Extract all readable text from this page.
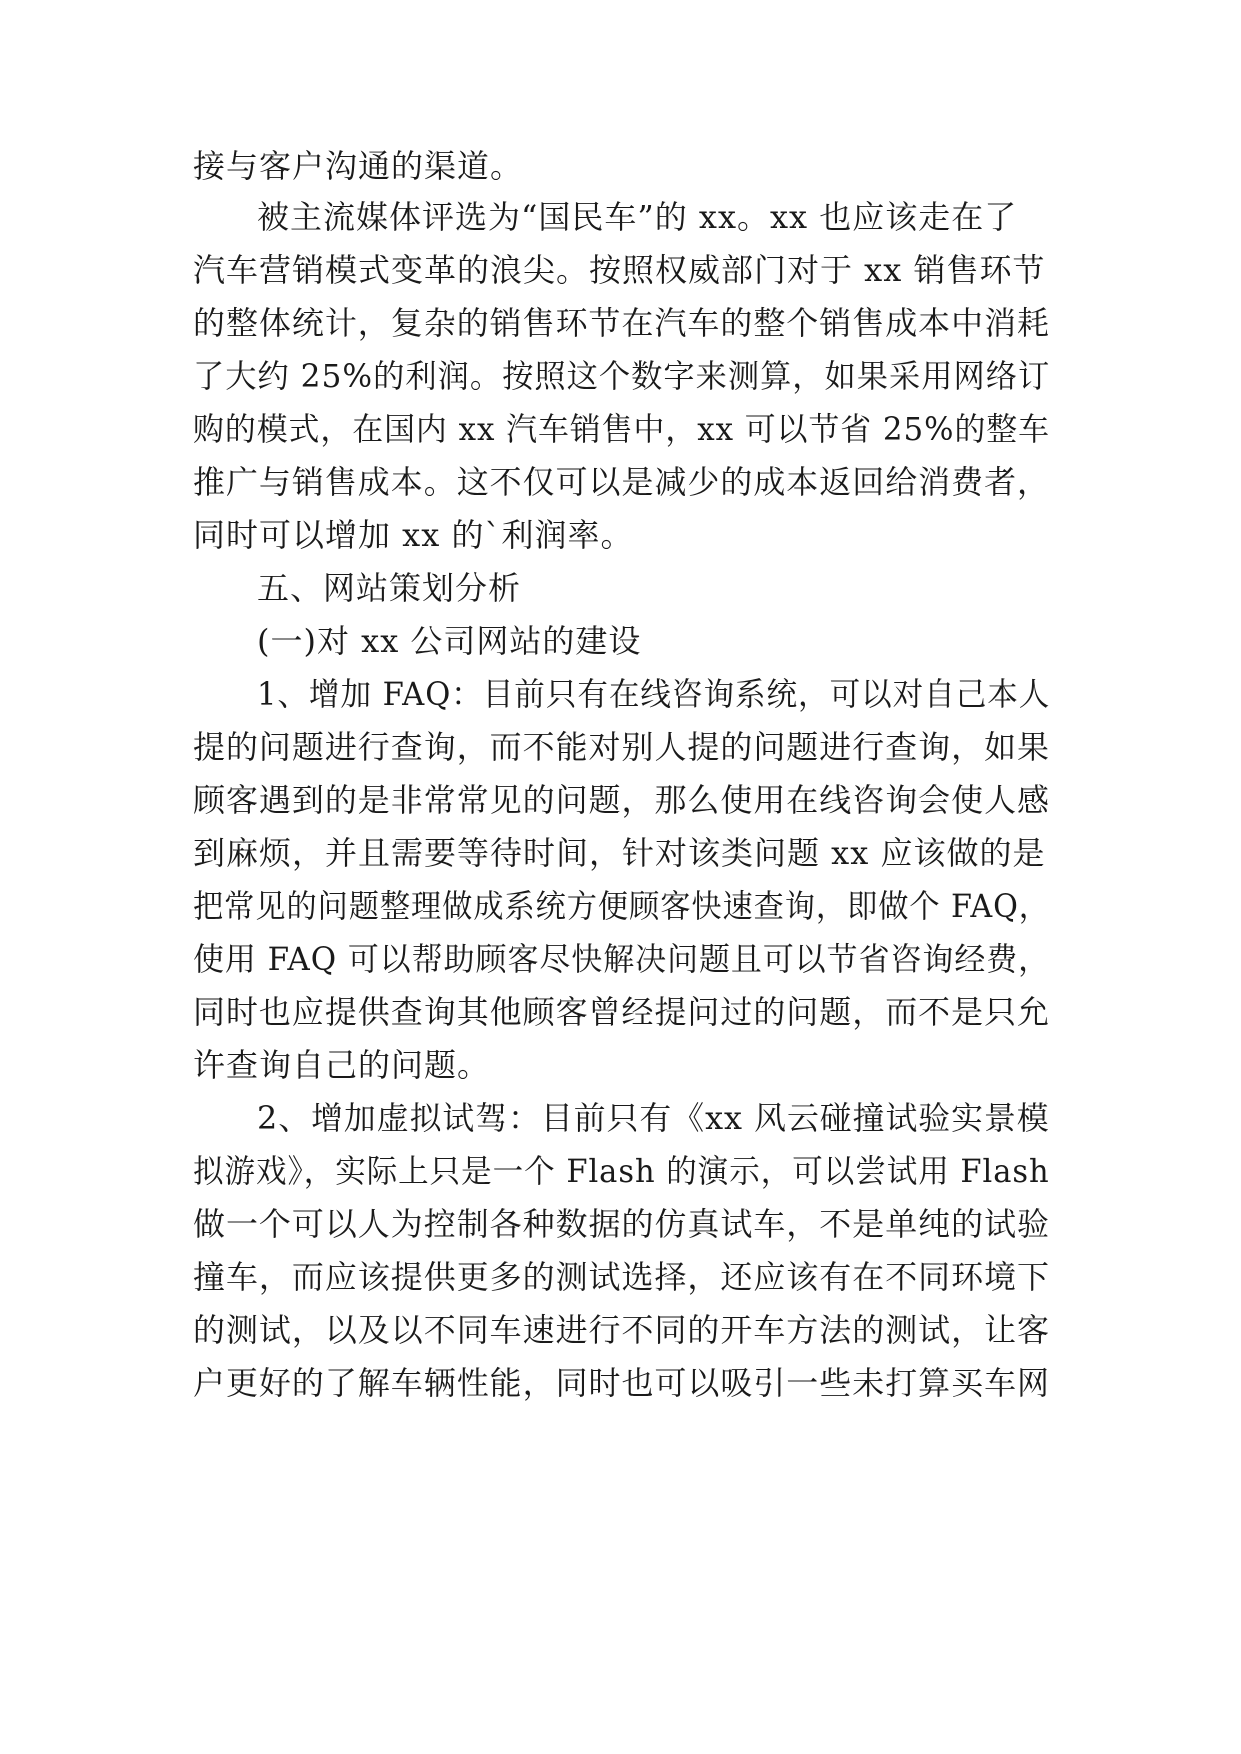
接与客户沟通的渠道。
被主流媒体评选为“国民车”的 xx。xx 也应该走在了
汽车营销模式变革的浪尖。按照权威部门对于 xx 销售环节
的整体统计，复杂的销售环节在汽车的整个销售成本中消耗
了大约 25%的利润。按照这个数字来测算，如果采用网络订
购的模式，在国内 xx 汽车销售中，xx 可以节省 25%的整车
推广与销售成本。这不仅可以是减少的成本返回给消费者，
同时可以增加 xx 的`利润率。
五、网站策划分析
(一)对 xx 公司网站的建设
1、增加 FAQ：目前只有在线咨询系统，可以对自己本人
提的问题进行查询，而不能对别人提的问题进行查询，如果
顾客遇到的是非常常见的问题，那么使用在线咨询会使人感
到麻烦，并且需要等待时间，针对该类问题 xx 应该做的是
把常见的问题整理做成系统方便顾客快速查询，即做个 FAQ，
使用 FAQ 可以帮助顾客尽快解决问题且可以节省咨询经费，
同时也应提供查询其他顾客曾经提问过的问题，而不是只允
许查询自己的问题。
2、增加虚拟试驾：目前只有《xx 风云碰撞试验实景模
拟游戏》，实际上只是一个 Flash 的演示，可以尝试用 Flash
做一个可以人为控制各种数据的仿真试车，不是单纯的试验
撞车，而应该提供更多的测试选择，还应该有在不同环境下
的测试，以及以不同车速进行不同的开车方法的测试，让客
户更好的了解车辆性能，同时也可以吸引一些未打算买车网
